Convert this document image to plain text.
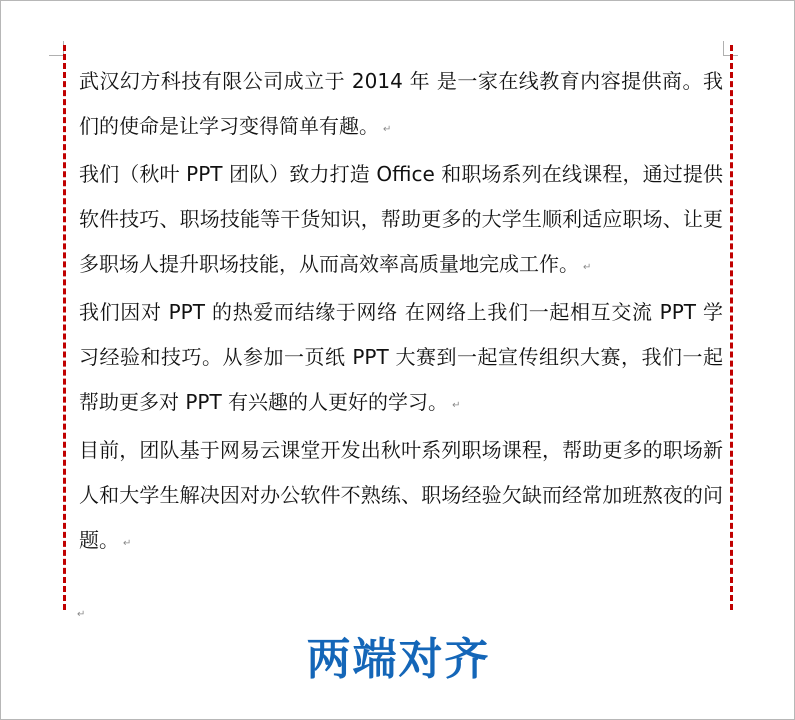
武汉幻方科技有限公司成立于 2014 年 是一家在线教育内容提供商。我们的使命是让学习变得简单有趣。 ↵

我们（秋叶 PPT 团队）致力打造 Office 和职场系列在线课程，通过提供软件技巧、职场技能等干货知识，帮助更多的大学生顺利适应职场、让更多职场人提升职场技能，从而高效率高质量地完成工作。 ↵

我们因对 PPT 的热爱而结缘于网络 在网络上我们一起相互交流 PPT 学习经验和技巧。从参加一页纸 PPT 大赛到一起宣传组织大赛，我们一起帮助更多对 PPT 有兴趣的人更好的学习。 ↵

目前，团队基于网易云课堂开发出秋叶系列职场课程，帮助更多的职场新人和大学生解决因对办公软件不熟练、职场经验欠缺而经常加班熬夜的问题。 ↵

↵
两端对齐
